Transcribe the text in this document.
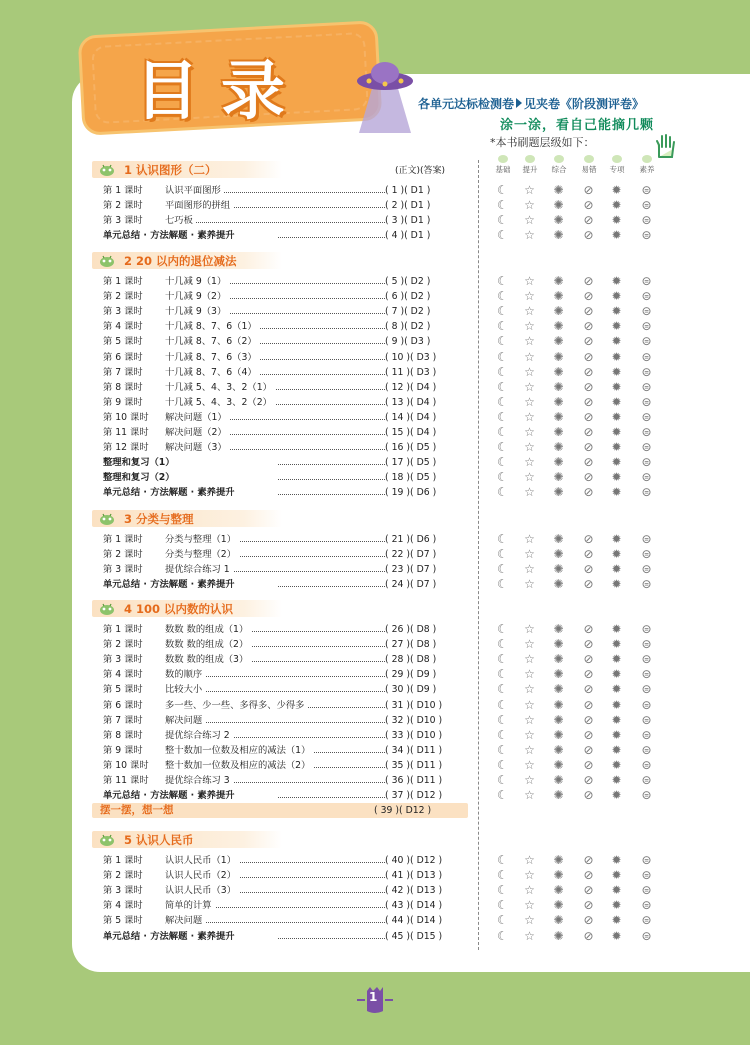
目录	各单元达标检测卷 见夹卷《阶段测评卷》
涂一涂，看自己能摘几颗
*本书刷题层级如下：
基础	提升	综合	易错	专项	素养
(正文)(答案)
1 认识图形（二）
第 1 课时	认识平面图形	( 1 )( D1 )	☾ ☆ ✺ ⊘ ✹ ⊜
第 2 课时	平面图形的拼组	( 2 )( D1 )	☾ ☆ ✺ ⊘ ✹ ⊜
第 3 课时	七巧板	( 3 )( D1 )	☾ ☆ ✺ ⊘ ✹ ⊜
单元总结 · 方法解题 · 素养提升	( 4 )( D1 )	☾ ☆ ✺ ⊘ ✹ ⊜
2 20 以内的退位减法
第 1 课时	十几减 9（1）	( 5 )( D2 )	☾ ☆ ✺ ⊘ ✹ ⊜
第 2 课时	十几减 9（2）	( 6 )( D2 )	☾ ☆ ✺ ⊘ ✹ ⊜
第 3 课时	十几减 9（3）	( 7 )( D2 )	☾ ☆ ✺ ⊘ ✹ ⊜
第 4 课时	十几减 8、7、6（1）	( 8 )( D2 )	☾ ☆ ✺ ⊘ ✹ ⊜
第 5 课时	十几减 8、7、6（2）	( 9 )( D3 )	☾ ☆ ✺ ⊘ ✹ ⊜
第 6 课时	十几减 8、7、6（3）	( 10 )( D3 )	☾ ☆ ✺ ⊘ ✹ ⊜
第 7 课时	十几减 8、7、6（4）	( 11 )( D3 )	☾ ☆ ✺ ⊘ ✹ ⊜
第 8 课时	十几减 5、4、3、2（1）	( 12 )( D4 )	☾ ☆ ✺ ⊘ ✹ ⊜
第 9 课时	十几减 5、4、3、2（2）	( 13 )( D4 )	☾ ☆ ✺ ⊘ ✹ ⊜
第 10 课时	解决问题（1）	( 14 )( D4 )	☾ ☆ ✺ ⊘ ✹ ⊜
第 11 课时	解决问题（2）	( 15 )( D4 )	☾ ☆ ✺ ⊘ ✹ ⊜
第 12 课时	解决问题（3）	( 16 )( D5 )	☾ ☆ ✺ ⊘ ✹ ⊜
整理和复习（1）	( 17 )( D5 )	☾ ☆ ✺ ⊘ ✹ ⊜
整理和复习（2）	( 18 )( D5 )	☾ ☆ ✺ ⊘ ✹ ⊜
单元总结 · 方法解题 · 素养提升	( 19 )( D6 )	☾ ☆ ✺ ⊘ ✹ ⊜
3 分类与整理
第 1 课时	分类与整理（1）	( 21 )( D6 )	☾ ☆ ✺ ⊘ ✹ ⊜
第 2 课时	分类与整理（2）	( 22 )( D7 )	☾ ☆ ✺ ⊘ ✹ ⊜
第 3 课时	提优综合练习 1	( 23 )( D7 )	☾ ☆ ✺ ⊘ ✹ ⊜
单元总结 · 方法解题 · 素养提升	( 24 )( D7 )	☾ ☆ ✺ ⊘ ✹ ⊜
4 100 以内数的认识
第 1 课时	数数 数的组成（1）	( 26 )( D8 )	☾ ☆ ✺ ⊘ ✹ ⊜
第 2 课时	数数 数的组成（2）	( 27 )( D8 )	☾ ☆ ✺ ⊘ ✹ ⊜
第 3 课时	数数 数的组成（3）	( 28 )( D8 )	☾ ☆ ✺ ⊘ ✹ ⊜
第 4 课时	数的顺序	( 29 )( D9 )	☾ ☆ ✺ ⊘ ✹ ⊜
第 5 课时	比较大小	( 30 )( D9 )	☾ ☆ ✺ ⊘ ✹ ⊜
第 6 课时	多一些、少一些、多得多、少得多	( 31 )( D10 )	☾ ☆ ✺ ⊘ ✹ ⊜
第 7 课时	解决问题	( 32 )( D10 )	☾ ☆ ✺ ⊘ ✹ ⊜
第 8 课时	提优综合练习 2	( 33 )( D10 )	☾ ☆ ✺ ⊘ ✹ ⊜
第 9 课时	整十数加一位数及相应的减法（1）	( 34 )( D11 )	☾ ☆ ✺ ⊘ ✹ ⊜
第 10 课时	整十数加一位数及相应的减法（2）	( 35 )( D11 )	☾ ☆ ✺ ⊘ ✹ ⊜
第 11 课时	提优综合练习 3	( 36 )( D11 )	☾ ☆ ✺ ⊘ ✹ ⊜
单元总结 · 方法解题 · 素养提升	( 37 )( D12 )	☾ ☆ ✺ ⊘ ✹ ⊜
摆一摆，想一想	( 39 )( D12 )
5 认识人民币
第 1 课时	认识人民币（1）	( 40 )( D12 )	☾ ☆ ✺ ⊘ ✹ ⊜
第 2 课时	认识人民币（2）	( 41 )( D13 )	☾ ☆ ✺ ⊘ ✹ ⊜
第 3 课时	认识人民币（3）	( 42 )( D13 )	☾ ☆ ✺ ⊘ ✹ ⊜
第 4 课时	简单的计算	( 43 )( D14 )	☾ ☆ ✺ ⊘ ✹ ⊜
第 5 课时	解决问题	( 44 )( D14 )	☾ ☆ ✺ ⊘ ✹ ⊜
单元总结 · 方法解题 · 素养提升	( 45 )( D15 )	☾ ☆ ✺ ⊘ ✹ ⊜
1
